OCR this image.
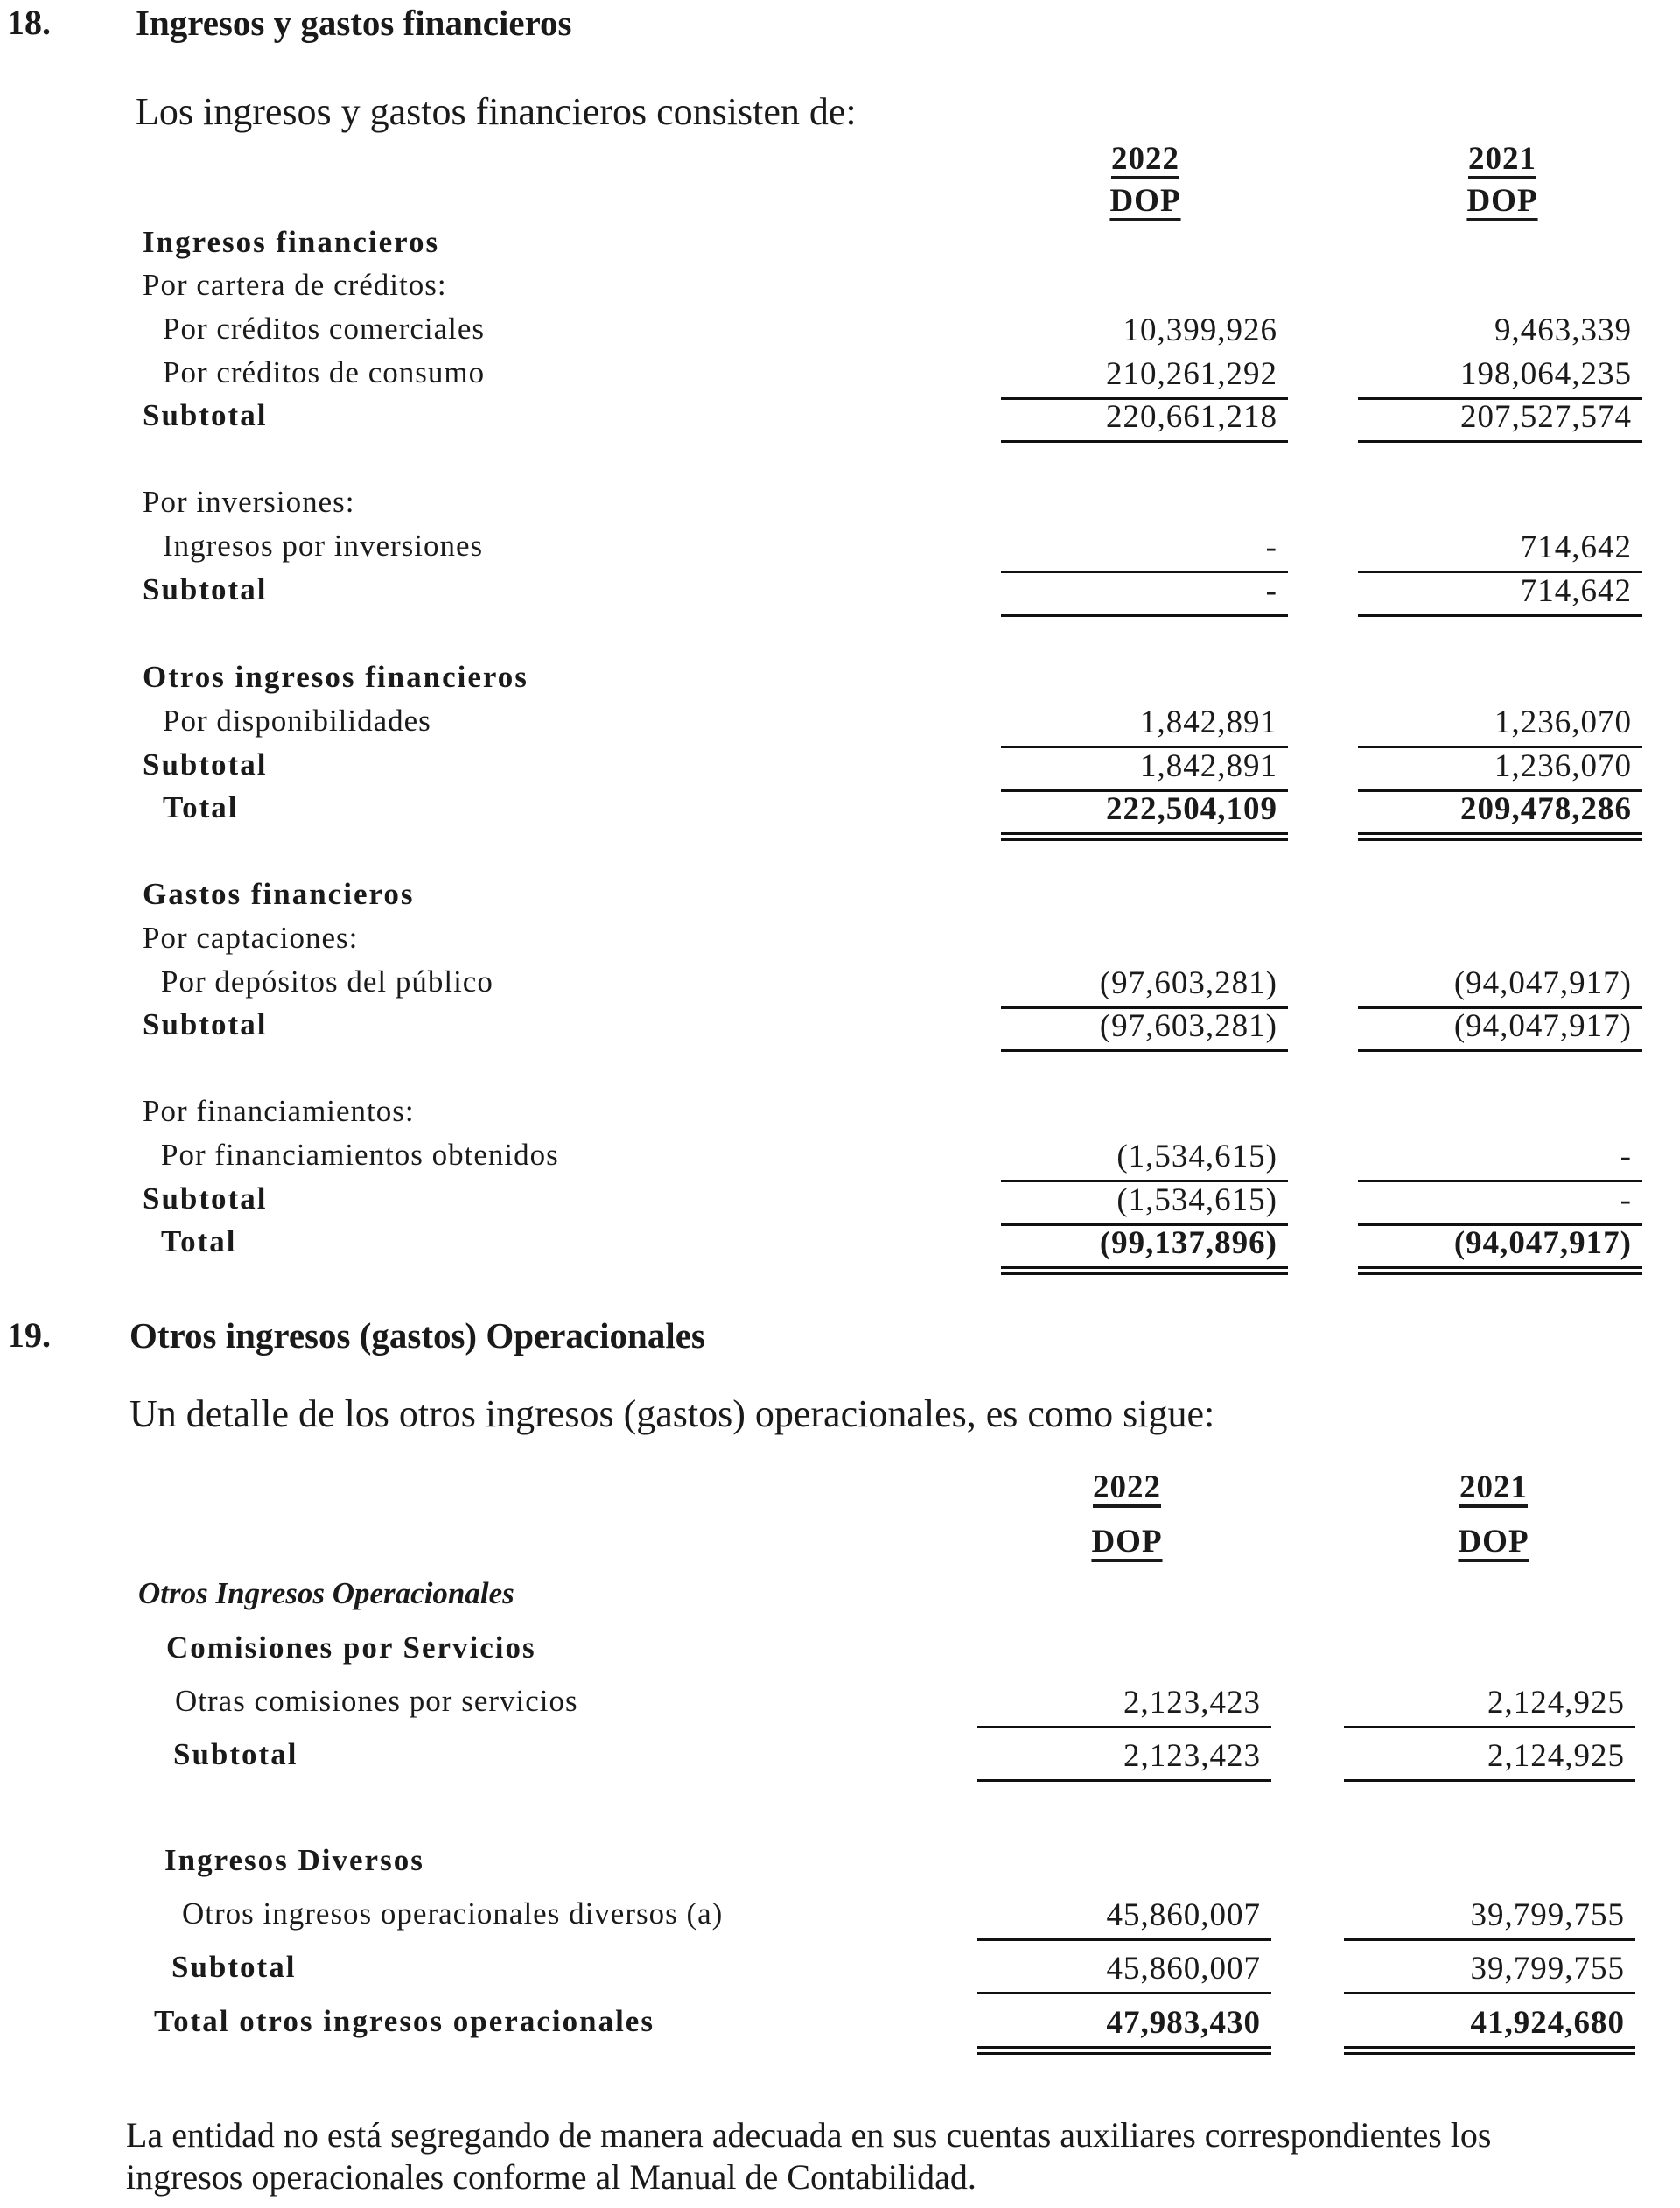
18. Ingresos y gastos financieros
Los ingresos y gastos financieros consisten de:
2022
DOP
2021
DOP
Ingresos financieros
Por cartera de créditos:
Por créditos comerciales	10,399,926	9,463,339
Por créditos de consumo	210,261,292	198,064,235
Subtotal	220,661,218	207,527,574
Por inversiones:
Ingresos por inversiones	-	714,642
Subtotal	-	714,642
Otros ingresos financieros
Por disponibilidades	1,842,891	1,236,070
Subtotal	1,842,891	1,236,070
Total	222,504,109	209,478,286
Gastos financieros
Por captaciones:
Por depósitos del público	(97,603,281)	(94,047,917)
Subtotal	(97,603,281)	(94,047,917)
Por financiamientos:
Por financiamientos obtenidos	(1,534,615)	-
Subtotal	(1,534,615)	-
Total	(99,137,896)	(94,047,917)
19. Otros ingresos (gastos) Operacionales
Un detalle de los otros ingresos (gastos) operacionales, es como sigue:
2022
DOP
2021
DOP
Otros Ingresos Operacionales
Comisiones por Servicios
Otras comisiones por servicios	2,123,423	2,124,925
Subtotal	2,123,423	2,124,925
Ingresos Diversos
Otros ingresos operacionales diversos (a)	45,860,007	39,799,755
Subtotal	45,860,007	39,799,755
Total otros ingresos operacionales	47,983,430	41,924,680
La entidad no está segregando de manera adecuada en sus cuentas auxiliares correspondientes los
ingresos operacionales conforme al Manual de Contabilidad.
